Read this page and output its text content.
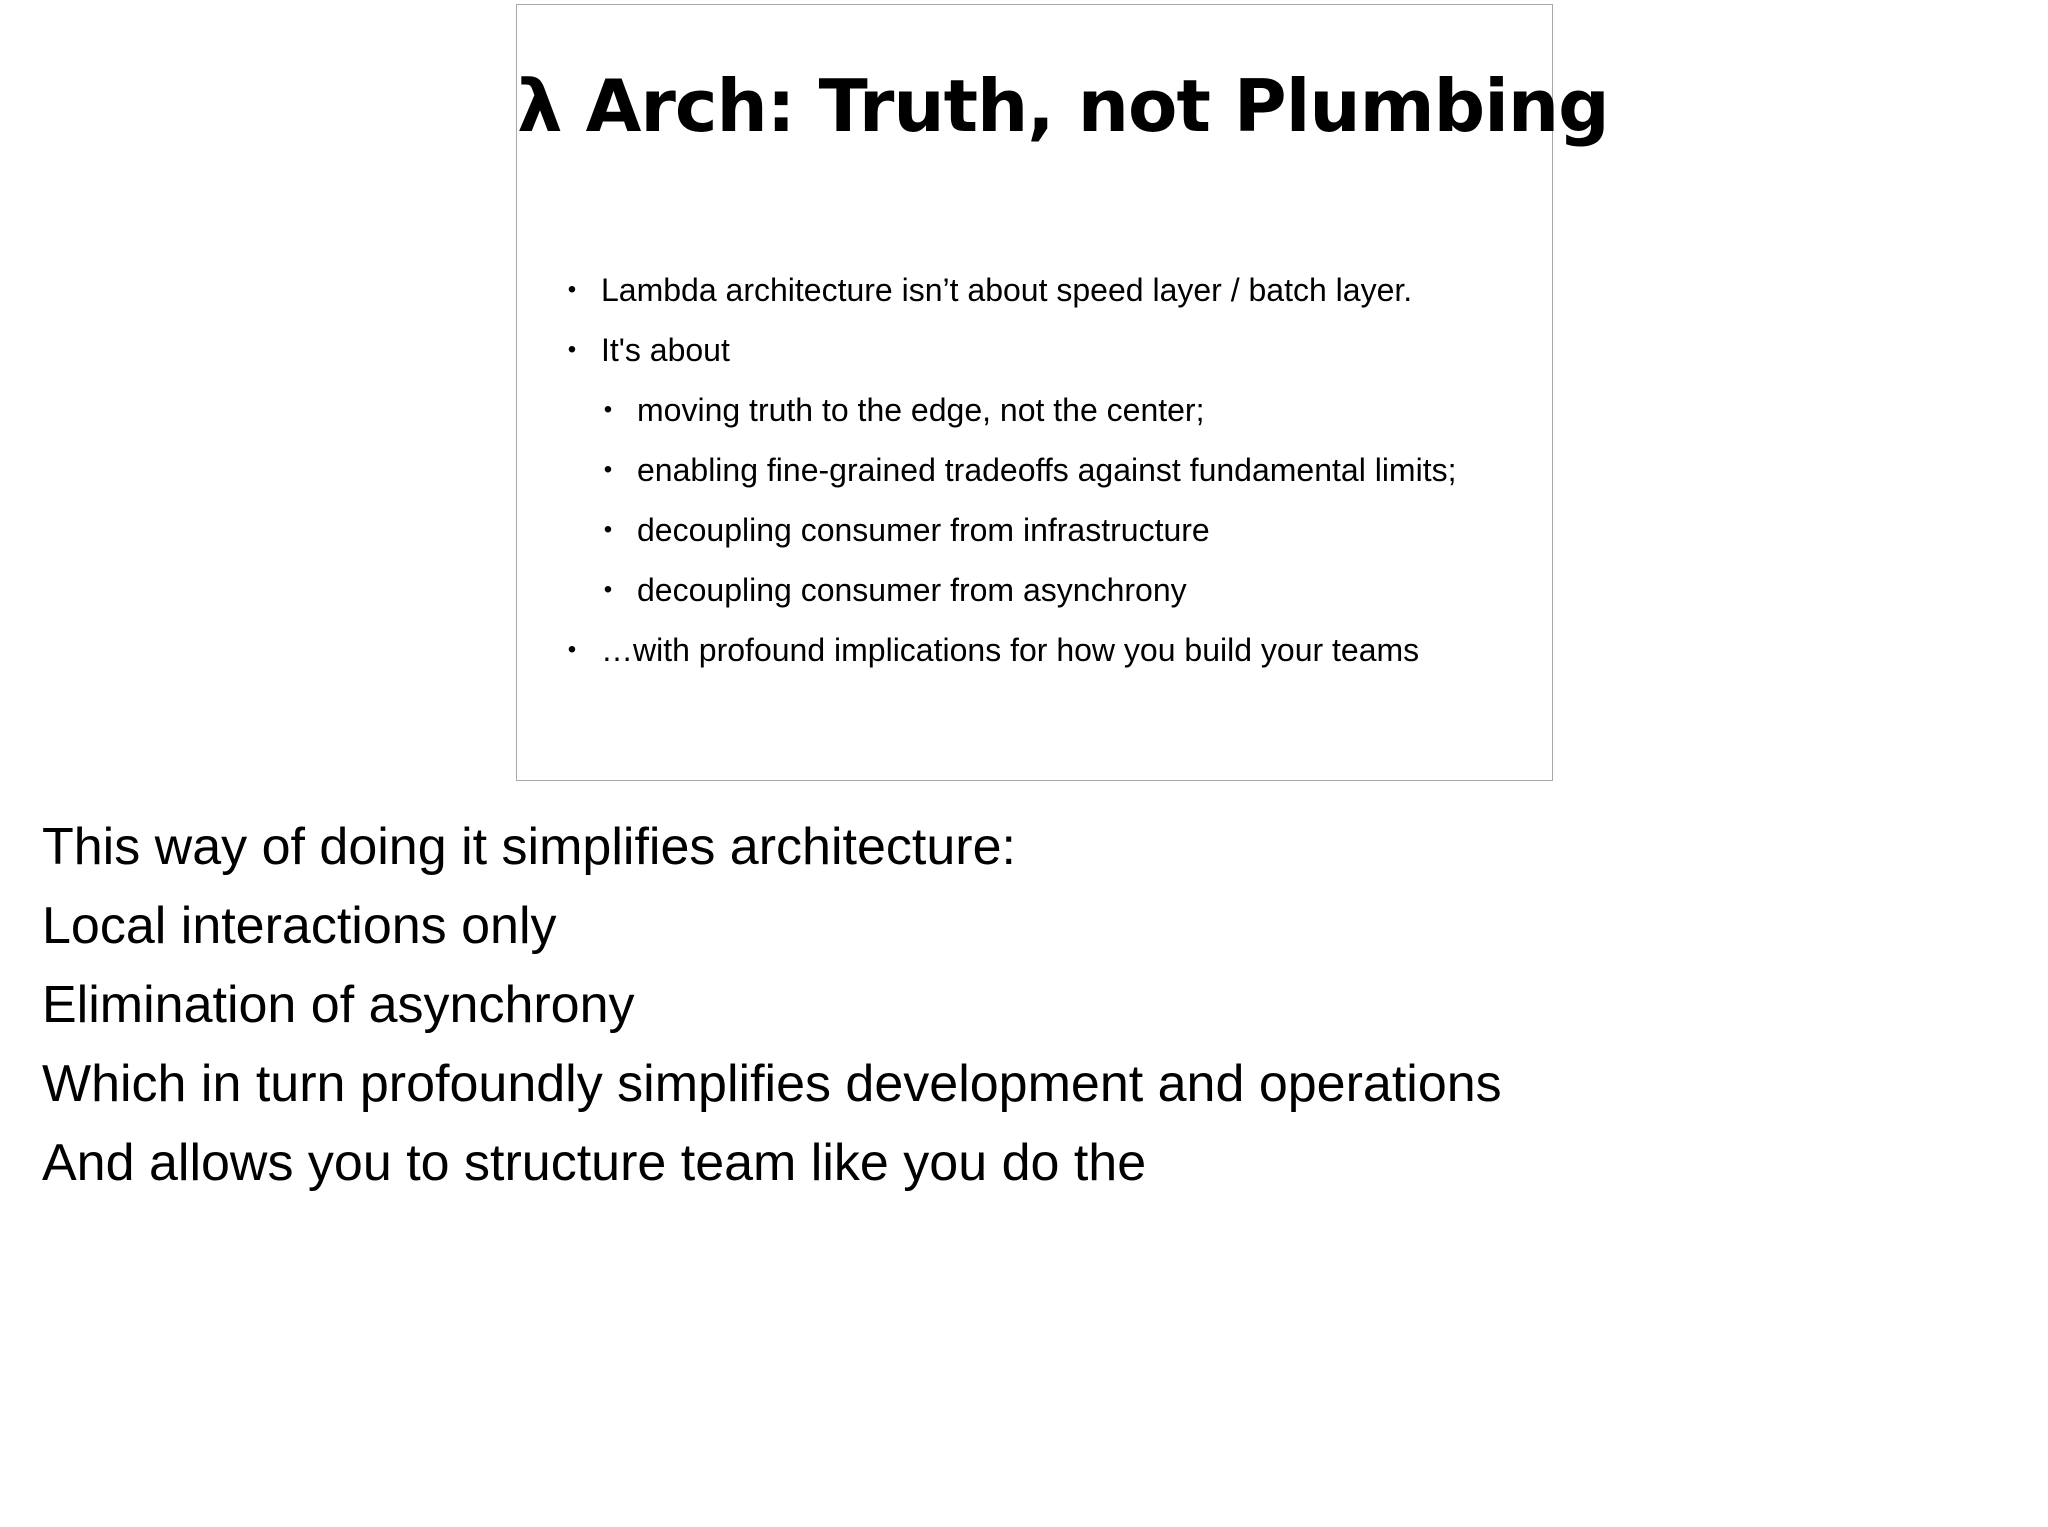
λ Arch: Truth, not Plumbing
• Lambda architecture isn’t about speed layer / batch layer.
• It's about
• moving truth to the edge, not the center;
• enabling fine-grained tradeoffs against fundamental limits;
• decoupling consumer from infrastructure
• decoupling consumer from asynchrony
• …with profound implications for how you build your teams
This way of doing it simplifies architecture:
Local interactions only
Elimination of asynchrony
Which in turn profoundly simplifies development and operations
And allows you to structure team like you do the
